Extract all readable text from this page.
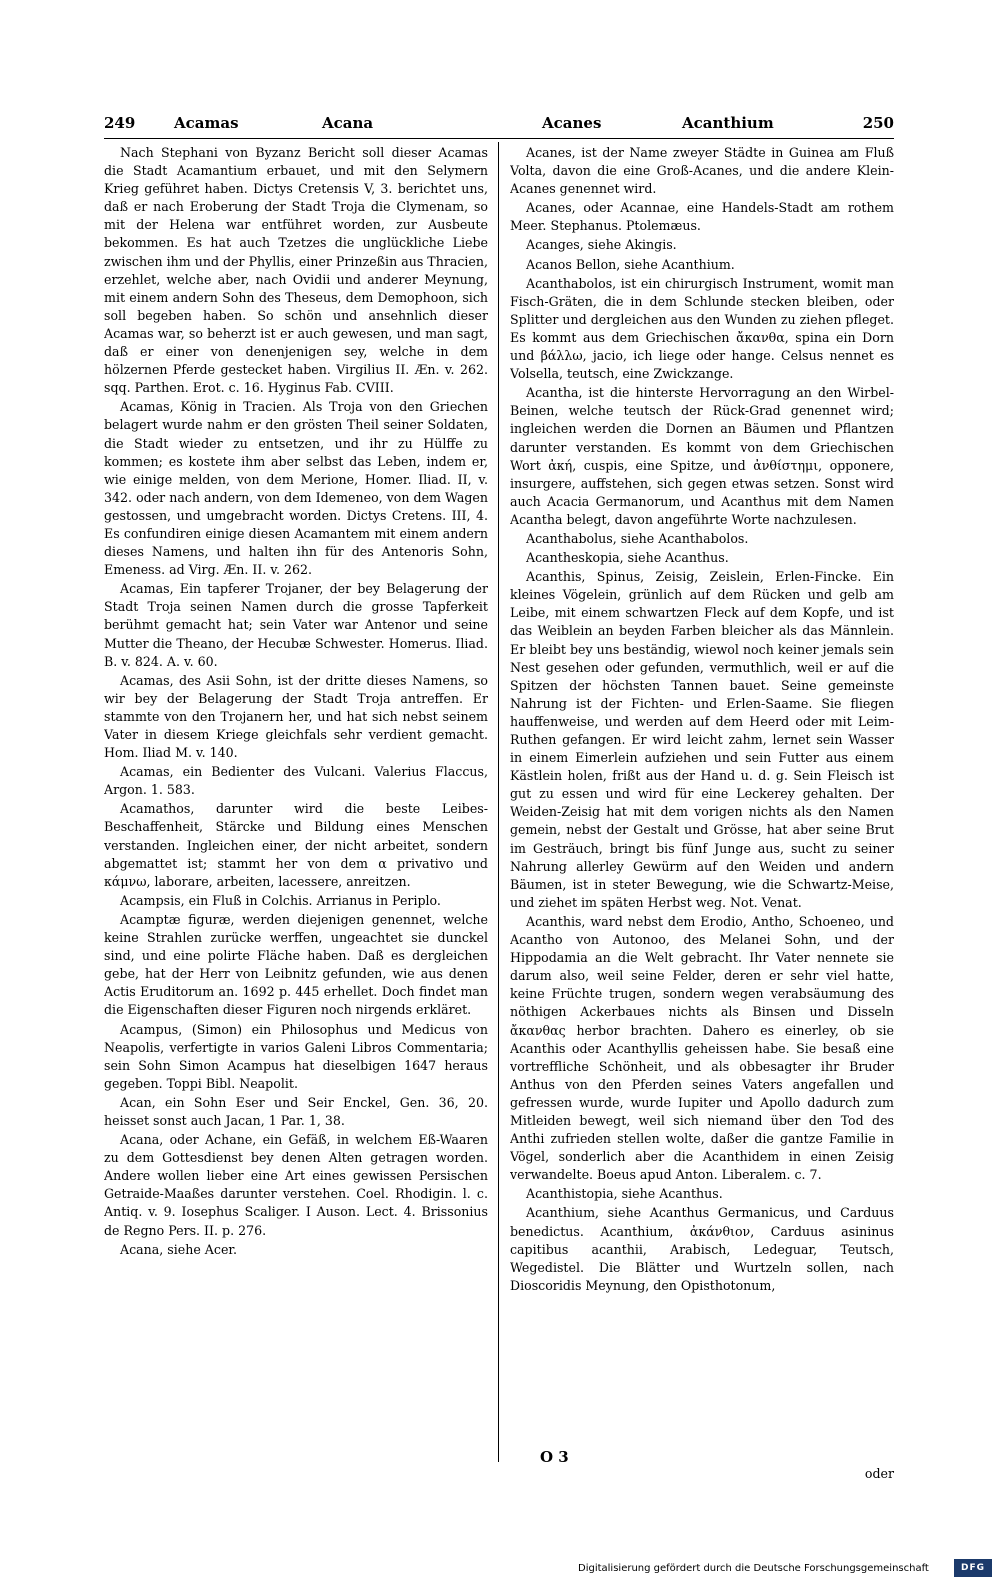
249	Acamas	Acana	Acanes	Acanthium	250

Nach Stephani von Byzanz Bericht soll dieser Acamas die Stadt Acamantium erbauet, und mit den Selymern Krieg geführet haben. Dictys Cretensis V, 3. berichtet uns, daß er nach Eroberung der Stadt Troja die Clymenam, so mit der Helena war entführet worden, zur Ausbeute bekommen. Es hat auch Tzetzes die unglückliche Liebe zwischen ihm und der Phyllis, einer Prinzeßin aus Thracien, erzehlet, welche aber, nach Ovidii und anderer Meynung, mit einem andern Sohn des Theseus, dem Demophoon, sich soll begeben haben. So schön und ansehnlich dieser Acamas war, so beherzt ist er auch gewesen, und man sagt, daß er einer von denenjenigen sey, welche in dem hölzernen Pferde gestecket haben. Virgilius II. Æn. v. 262. sqq. Parthen. Erot. c. 16. Hyginus Fab. CVIII.

Acamas, König in Tracien. Als Troja von den Griechen belagert wurde nahm er den grösten Theil seiner Soldaten, die Stadt wieder zu entsetzen, und ihr zu Hülffe zu kommen; es kostete ihm aber selbst das Leben, indem er, wie einige melden, von dem Merione, Homer. Iliad. II, v. 342. oder nach andern, von dem Idemeneo, von dem Wagen gestossen, und umgebracht worden. Dictys Cretens. III, 4. Es confundiren einige diesen Acamantem mit einem andern dieses Namens, und halten ihn für des Antenoris Sohn, Emeness. ad Virg. Æn. II. v. 262.

Acamas, Ein tapferer Trojaner, der bey Belagerung der Stadt Troja seinen Namen durch die grosse Tapferkeit berühmt gemacht hat; sein Vater war Antenor und seine Mutter die Theano, der Hecubæ Schwester. Homerus. Iliad. B. v. 824. A. v. 60.

Acamas, des Asii Sohn, ist der dritte dieses Namens, so wir bey der Belagerung der Stadt Troja antreffen. Er stammte von den Trojanern her, und hat sich nebst seinem Vater in diesem Kriege gleichfals sehr verdient gemacht. Hom. Iliad M. v. 140.

Acamas, ein Bedienter des Vulcani. Valerius Flaccus, Argon. 1. 583.

Acamathos, darunter wird die beste Leibes-Beschaffenheit, Stärcke und Bildung eines Menschen verstanden. Ingleichen einer, der nicht arbeitet, sondern abgemattet ist; stammt her von dem α privativo und κάμνω, laborare, arbeiten, lacessere, anreitzen.

Acampsis, ein Fluß in Colchis. Arrianus in Periplo.

Acamptæ figuræ, werden diejenigen genennet, welche keine Strahlen zurücke werffen, ungeachtet sie dunckel sind, und eine polirte Fläche haben. Daß es dergleichen gebe, hat der Herr von Leibnitz gefunden, wie aus denen Actis Eruditorum an. 1692 p. 445 erhellet. Doch findet man die Eigenschaften dieser Figuren noch nirgends erkläret.

Acampus, (Simon) ein Philosophus und Medicus von Neapolis, verfertigte in varios Galeni Libros Commentaria; sein Sohn Simon Acampus hat dieselbigen 1647 heraus gegeben. Toppi Bibl. Neapolit.

Acan, ein Sohn Eser und Seir Enckel, Gen. 36, 20. heisset sonst auch Jacan, 1 Par. 1, 38.

Acana, oder Achane, ein Gefäß, in welchem Eß-Waaren zu dem Gottesdienst bey denen Alten getragen worden. Andere wollen lieber eine Art eines gewissen Persischen Getraide-Maaßes darunter verstehen. Coel. Rhodigin. l. c. Antiq. v. 9. Iosephus Scaliger. I Auson. Lect. 4. Brissonius de Regno Pers. II. p. 276.

Acana, siehe Acer.

Acanes, ist der Name zweyer Städte in Guinea am Fluß Volta, davon die eine Groß-Acanes, und die andere Klein-Acanes genennet wird.

Acanes, oder Acannae, eine Handels-Stadt am rothem Meer. Stephanus. Ptolemæus.

Acanges, siehe Akingis.

Acanos Bellon, siehe Acanthium.

Acanthabolos, ist ein chirurgisch Instrument, womit man Fisch-Gräten, die in dem Schlunde stecken bleiben, oder Splitter und dergleichen aus den Wunden zu ziehen pfleget. Es kommt aus dem Griechischen ἄκανθα, spina ein Dorn und βάλλω, jacio, ich liege oder hange. Celsus nennet es Volsella, teutsch, eine Zwickzange.

Acantha, ist die hinterste Hervorragung an den Wirbel-Beinen, welche teutsch der Rück-Grad genennet wird; ingleichen werden die Dornen an Bäumen und Pflantzen darunter verstanden. Es kommt von dem Griechischen Wort ἀκή, cuspis, eine Spitze, und ἀνθίστημι, opponere, insurgere, auffstehen, sich gegen etwas setzen. Sonst wird auch Acacia Germanorum, und Acanthus mit dem Namen Acantha belegt, davon angeführte Worte nachzulesen.

Acanthabolus, siehe Acanthabolos.

Acantheskopia, siehe Acanthus.

Acanthis, Spinus, Zeisig, Zeislein, Erlen-Fincke. Ein kleines Vögelein, grünlich auf dem Rücken und gelb am Leibe, mit einem schwartzen Fleck auf dem Kopfe, und ist das Weiblein an beyden Farben bleicher als das Männlein. Er bleibt bey uns beständig, wiewol noch keiner jemals sein Nest gesehen oder gefunden, vermuthlich, weil er auf die Spitzen der höchsten Tannen bauet. Seine gemeinste Nahrung ist der Fichten- und Erlen-Saame. Sie fliegen hauffenweise, und werden auf dem Heerd oder mit Leim-Ruthen gefangen. Er wird leicht zahm, lernet sein Wasser in einem Eimerlein aufziehen und sein Futter aus einem Kästlein holen, frißt aus der Hand u. d. g. Sein Fleisch ist gut zu essen und wird für eine Leckerey gehalten. Der Weiden-Zeisig hat mit dem vorigen nichts als den Namen gemein, nebst der Gestalt und Grösse, hat aber seine Brut im Gesträuch, bringt bis fünf Junge aus, sucht zu seiner Nahrung allerley Gewürm auf den Weiden und andern Bäumen, ist in steter Bewegung, wie die Schwartz-Meise, und ziehet im späten Herbst weg. Not. Venat.

Acanthis, ward nebst dem Erodio, Antho, Schoeneo, und Acantho von Autonoo, des Melanei Sohn, und der Hippodamia an die Welt gebracht. Ihr Vater nennete sie darum also, weil seine Felder, deren er sehr viel hatte, keine Früchte trugen, sondern wegen verabsäumung des nöthigen Ackerbaues nichts als Binsen und Disseln ἄκανθας herbor brachten. Dahero es einerley, ob sie Acanthis oder Acanthyllis geheissen habe. Sie besaß eine vortreffliche Schönheit, und als obbesagter ihr Bruder Anthus von den Pferden seines Vaters angefallen und gefressen wurde, wurde Iupiter und Apollo dadurch zum Mitleiden bewegt, weil sich niemand über den Tod des Anthi zufrieden stellen wolte, daßer die gantze Familie in Vögel, sonderlich aber die Acanthidem in einen Zeisig verwandelte. Boeus apud Anton. Liberalem. c. 7.

Acanthistopia, siehe Acanthus.

Acanthium, siehe Acanthus Germanicus, und Carduus benedictus. Acanthium, ἀκάνθιον, Carduus asininus capitibus acanthii, Arabisch, Ledeguar, Teutsch, Wegedistel. Die Blätter und Wurtzeln sollen, nach Dioscoridis Meynung, den Opisthotonum,

O 3
oder
Digitalisierung gefördert durch die Deutsche Forschungsgemeinschaft	DFG
